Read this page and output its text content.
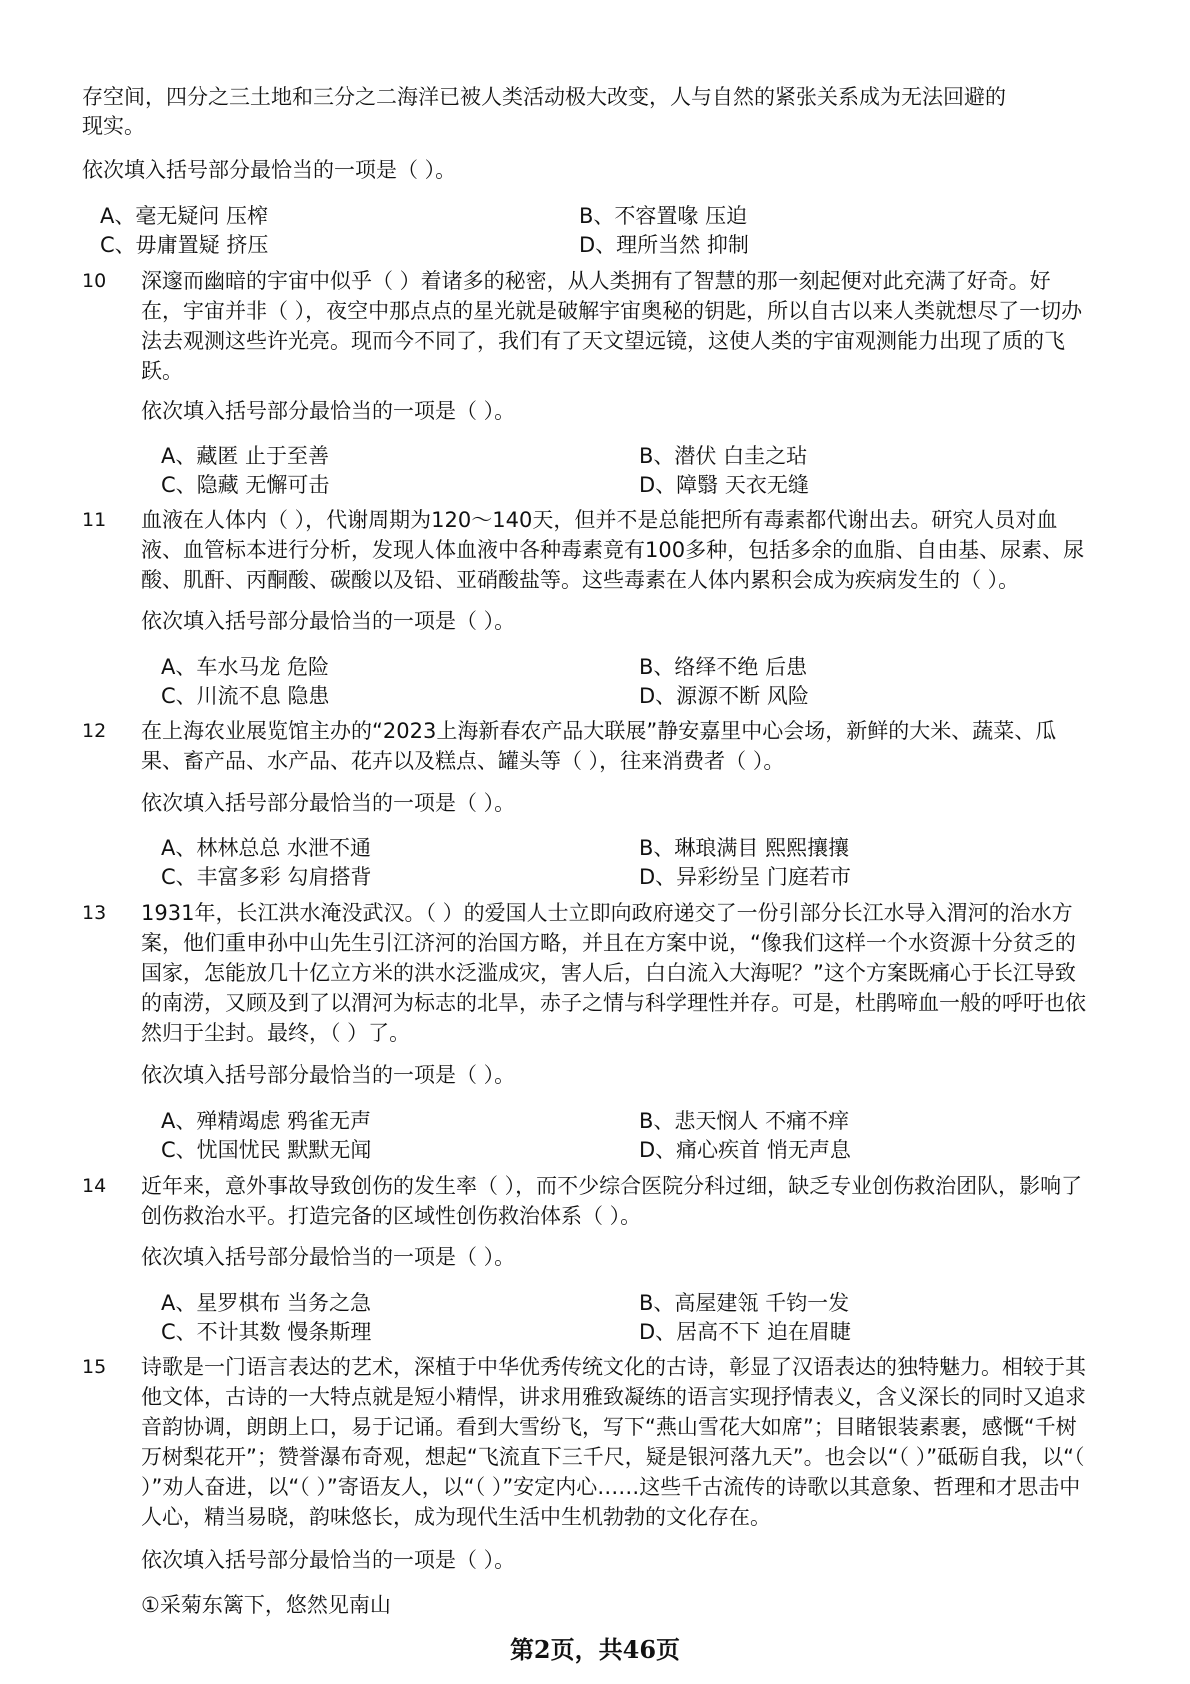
存空间，四分之三土地和三分之二海洋已被人类活动极大改变，人与自然的紧张关系成为无法回避的
现实。
依次填入括号部分最恰当的一项是（ ）。
A、毫无疑问 压榨	B、不容置喙 压迫
C、毋庸置疑 挤压	D、理所当然 抑制
10 深邃而幽暗的宇宙中似乎（ ）着诸多的秘密，从人类拥有了智慧的那一刻起便对此充满了好奇。好在，宇宙并非（ ），夜空中那点点的星光就是破解宇宙奥秘的钥匙，所以自古以来人类就想尽了一切办法去观测这些许光亮。现而今不同了，我们有了天文望远镜，这使人类的宇宙观测能力出现了质的飞跃。
依次填入括号部分最恰当的一项是（ ）。
A、藏匿 止于至善	B、潜伏 白圭之玷
C、隐藏 无懈可击	D、障翳 天衣无缝
11 血液在人体内（ ），代谢周期为120～140天，但并不是总能把所有毒素都代谢出去。研究人员对血液、血管标本进行分析，发现人体血液中各种毒素竟有100多种，包括多余的血脂、自由基、尿素、尿酸、肌酐、丙酮酸、碳酸以及铅、亚硝酸盐等。这些毒素在人体内累积会成为疾病发生的（ ）。
依次填入括号部分最恰当的一项是（ ）。
A、车水马龙 危险	B、络绎不绝 后患
C、川流不息 隐患	D、源源不断 风险
12 在上海农业展览馆主办的“2023上海新春农产品大联展”静安嘉里中心会场，新鲜的大米、蔬菜、瓜果、畜产品、水产品、花卉以及糕点、罐头等（ ），往来消费者（ ）。
依次填入括号部分最恰当的一项是（ ）。
A、林林总总 水泄不通	B、琳琅满目 熙熙攘攘
C、丰富多彩 勾肩搭背	D、异彩纷呈 门庭若市
13 1931年，长江洪水淹没武汉。（ ）的爱国人士立即向政府递交了一份引部分长江水导入渭河的治水方案，他们重申孙中山先生引江济河的治国方略，并且在方案中说，“像我们这样一个水资源十分贫乏的国家，怎能放几十亿立方米的洪水泛滥成灾，害人后，白白流入大海呢？”这个方案既痛心于长江导致的南涝，又顾及到了以渭河为标志的北旱，赤子之情与科学理性并存。可是，杜鹃啼血一般的呼吁也依然归于尘封。最终，（ ）了。
依次填入括号部分最恰当的一项是（ ）。
A、殚精竭虑 鸦雀无声	B、悲天悯人 不痛不痒
C、忧国忧民 默默无闻	D、痛心疾首 悄无声息
14 近年来，意外事故导致创伤的发生率（ ），而不少综合医院分科过细，缺乏专业创伤救治团队，影响了创伤救治水平。打造完备的区域性创伤救治体系（ ）。
依次填入括号部分最恰当的一项是（ ）。
A、星罗棋布 当务之急	B、高屋建瓴 千钧一发
C、不计其数 慢条斯理	D、居高不下 迫在眉睫
15 诗歌是一门语言表达的艺术，深植于中华优秀传统文化的古诗，彰显了汉语表达的独特魅力。相较于其他文体，古诗的一大特点就是短小精悍，讲求用雅致凝练的语言实现抒情表义，含义深长的同时又追求音韵协调，朗朗上口，易于记诵。看到大雪纷飞，写下“燕山雪花大如席”；目睹银装素裹，感慨“千树万树梨花开”；赞誉瀑布奇观，想起“飞流直下三千尺，疑是银河落九天”。也会以“（ ）”砥砺自我，以“（ ）”劝人奋进，以“（ ）”寄语友人，以“（ ）”安定内心……这些千古流传的诗歌以其意象、哲理和才思击中人心，精当易晓，韵味悠长，成为现代生活中生机勃勃的文化存在。
依次填入括号部分最恰当的一项是（ ）。
①采菊东篱下，悠然见南山
第2页，共46页
